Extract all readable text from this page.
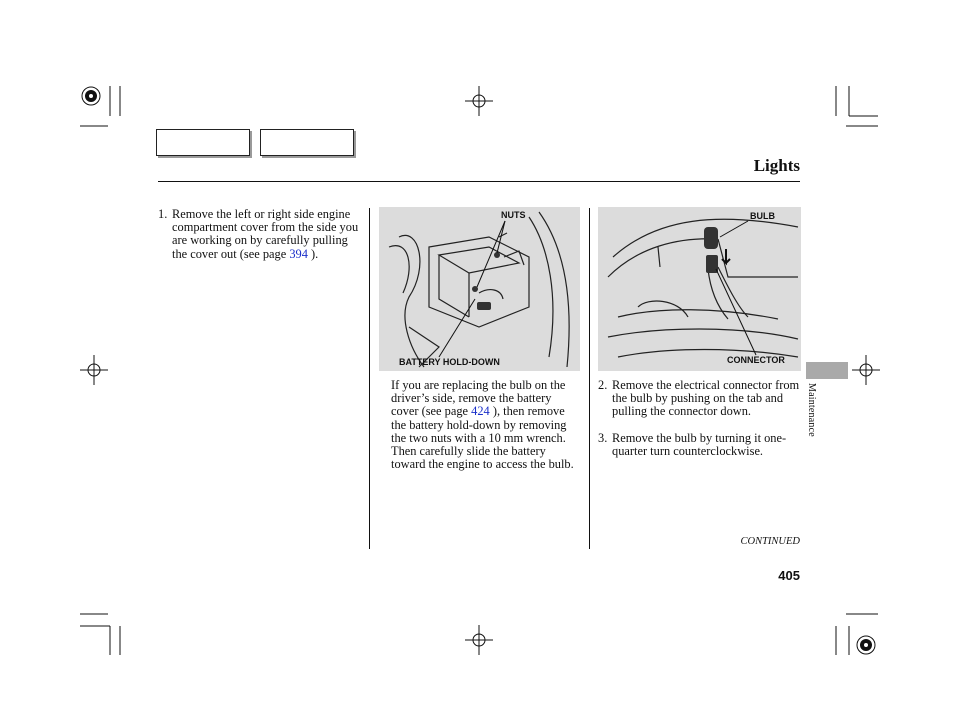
Lights
1. Remove the left or right side engine compartment cover from the side you are working on by carefully pulling the cover out (see page 394 ).
NUTS
BATTERY HOLD-DOWN
If you are replacing the bulb on the driver’s side, remove the battery cover (see page 424 ), then remove the battery hold-down by removing the two nuts with a 10 mm wrench. Then carefully slide the battery toward the engine to access the bulb.
BULB
CONNECTOR
2. Remove the electrical connector from the bulb by pushing on the tab and pulling the connector down.
3. Remove the bulb by turning it one-quarter turn counterclockwise.
Maintenance
CONTINUED
405
